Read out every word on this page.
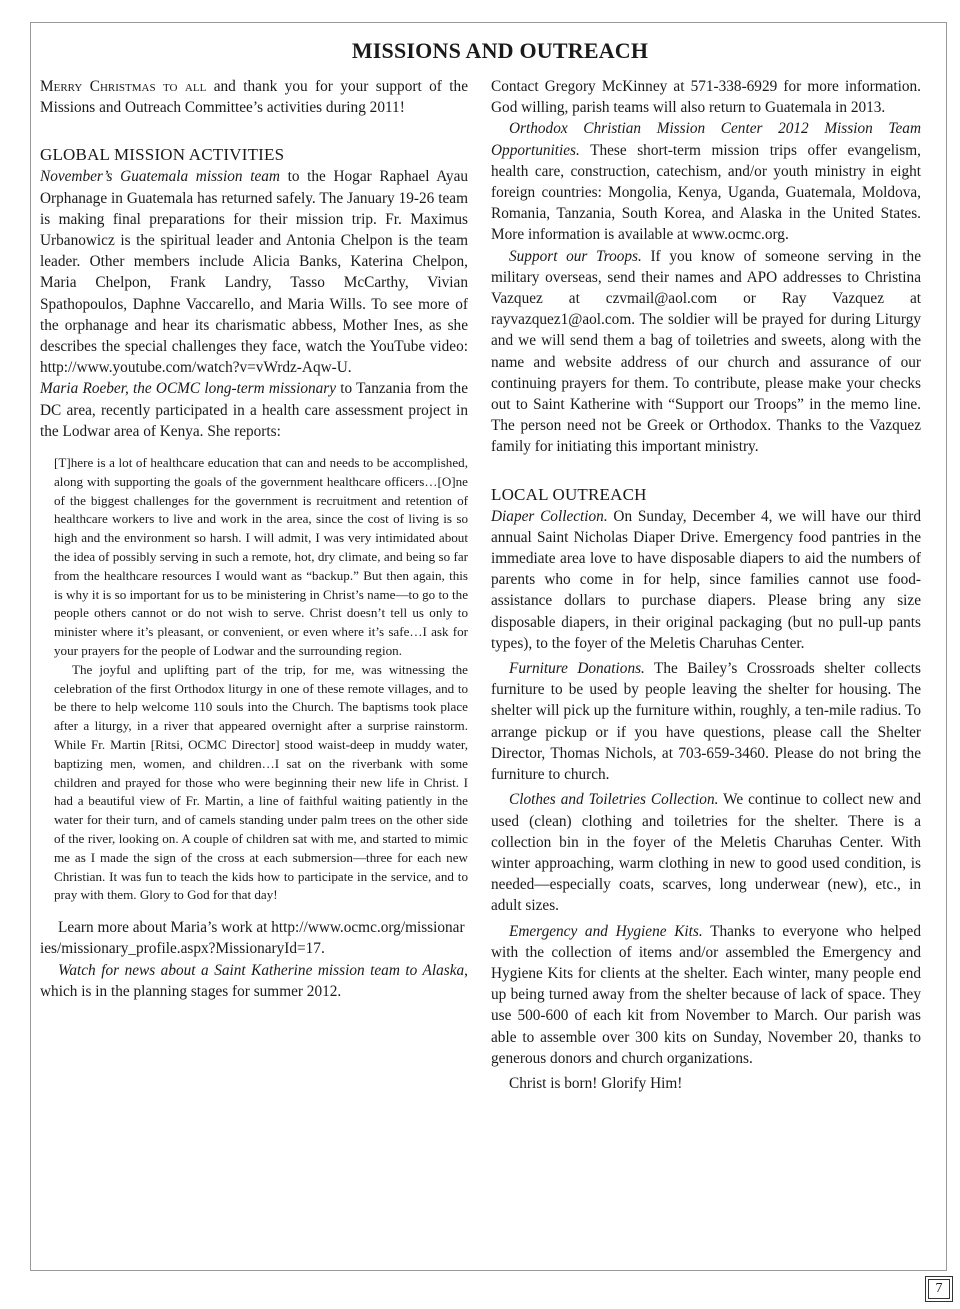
MISSIONS AND OUTREACH

Merry Christmas to all and thank you for your support of the Missions and Outreach Committee’s activities during 2011!

GLOBAL MISSION ACTIVITIES

November’s Guatemala mission team to the Hogar Raphael Ayau Orphanage in Guatemala has returned safely. The January 19-26 team is making final preparations for their mission trip. Fr. Maximus Urbanowicz is the spiritual leader and Antonia Chelpon is the team leader. Other members include Alicia Banks, Katerina Chelpon, Maria Chelpon, Frank Landry, Tasso McCarthy, Vivian Spathopoulos, Daphne Vaccarello, and Maria Wills. To see more of the orphanage and hear its charismatic abbess, Mother Ines, as she describes the special challenges they face, watch the YouTube video: http://www.youtube.com/watch?v=vWrdz-Aqw-U.

Maria Roeber, the OCMC long-term missionary to Tanzania from the DC area, recently participated in a health care assessment project in the Lodwar area of Kenya. She reports:

[T]here is a lot of healthcare education that can and needs to be accomplished, along with supporting the goals of the government healthcare officers…[O]ne of the biggest challenges for the government is recruitment and retention of healthcare workers to live and work in the area, since the cost of living is so high and the environment so harsh. I will admit, I was very intimidated about the idea of possibly serving in such a remote, hot, dry climate, and being so far from the healthcare resources I would want as “backup.” But then again, this is why it is so important for us to be ministering in Christ’s name—to go to the people others cannot or do not wish to serve. Christ doesn’t tell us only to minister where it’s pleasant, or convenient, or even where it’s safe…I ask for your prayers for the people of Lodwar and the surrounding region.

The joyful and uplifting part of the trip, for me, was witnessing the celebration of the first Orthodox liturgy in one of these remote villages, and to be there to help welcome 110 souls into the Church. The baptisms took place after a liturgy, in a river that appeared overnight after a surprise rainstorm. While Fr. Martin [Ritsi, OCMC Director] stood waist-deep in muddy water, baptizing men, women, and children…I sat on the riverbank with some children and prayed for those who were beginning their new life in Christ. I had a beautiful view of Fr. Martin, a line of faithful waiting patiently in the water for their turn, and of camels standing under palm trees on the other side of the river, looking on. A couple of children sat with me, and started to mimic me as I made the sign of the cross at each submersion—three for each new Christian. It was fun to teach the kids how to participate in the service, and to pray with them. Glory to God for that day!

Learn more about Maria’s work at http://www.ocmc.org/missionaries/missionary_profile.aspx?MissionaryId=17.

Watch for news about a Saint Katherine mission team to Alaska, which is in the planning stages for summer 2012.

Contact Gregory McKinney at 571-338-6929 for more information. God willing, parish teams will also return to Guatemala in 2013.

Orthodox Christian Mission Center 2012 Mission Team Opportunities. These short-term mission trips offer evangelism, health care, construction, catechism, and/or youth ministry in eight foreign countries: Mongolia, Kenya, Uganda, Guatemala, Moldova, Romania, Tanzania, South Korea, and Alaska in the United States. More information is available at www.ocmc.org.

Support our Troops. If you know of someone serving in the military overseas, send their names and APO addresses to Christina Vazquez at czvmail@aol.com or Ray Vazquez at rayvazquez1@aol.com. The soldier will be prayed for during Liturgy and we will send them a bag of toiletries and sweets, along with the name and website address of our church and assurance of our continuing prayers for them. To contribute, please make your checks out to Saint Katherine with “Support our Troops” in the memo line. The person need not be Greek or Orthodox. Thanks to the Vazquez family for initiating this important ministry.

LOCAL OUTREACH

Diaper Collection. On Sunday, December 4, we will have our third annual Saint Nicholas Diaper Drive. Emergency food pantries in the immediate area love to have disposable diapers to aid the numbers of parents who come in for help, since families cannot use food-assistance dollars to purchase diapers. Please bring any size disposable diapers, in their original packaging (but no pull-up pants types), to the foyer of the Meletis Charuhas Center.

Furniture Donations. The Bailey’s Crossroads shelter collects furniture to be used by people leaving the shelter for housing. The shelter will pick up the furniture within, roughly, a ten-mile radius. To arrange pickup or if you have questions, please call the Shelter Director, Thomas Nichols, at 703-659-3460. Please do not bring the furniture to church.

Clothes and Toiletries Collection. We continue to collect new and used (clean) clothing and toiletries for the shelter. There is a collection bin in the foyer of the Meletis Charuhas Center. With winter approaching, warm clothing in new to good used condition, is needed—especially coats, scarves, long underwear (new), etc., in adult sizes.

Emergency and Hygiene Kits. Thanks to everyone who helped with the collection of items and/or assembled the Emergency and Hygiene Kits for clients at the shelter. Each winter, many people end up being turned away from the shelter because of lack of space. They use 500-600 of each kit from November to March. Our parish was able to assemble over 300 kits on Sunday, November 20, thanks to generous donors and church organizations.

Christ is born! Glorify Him!

7
